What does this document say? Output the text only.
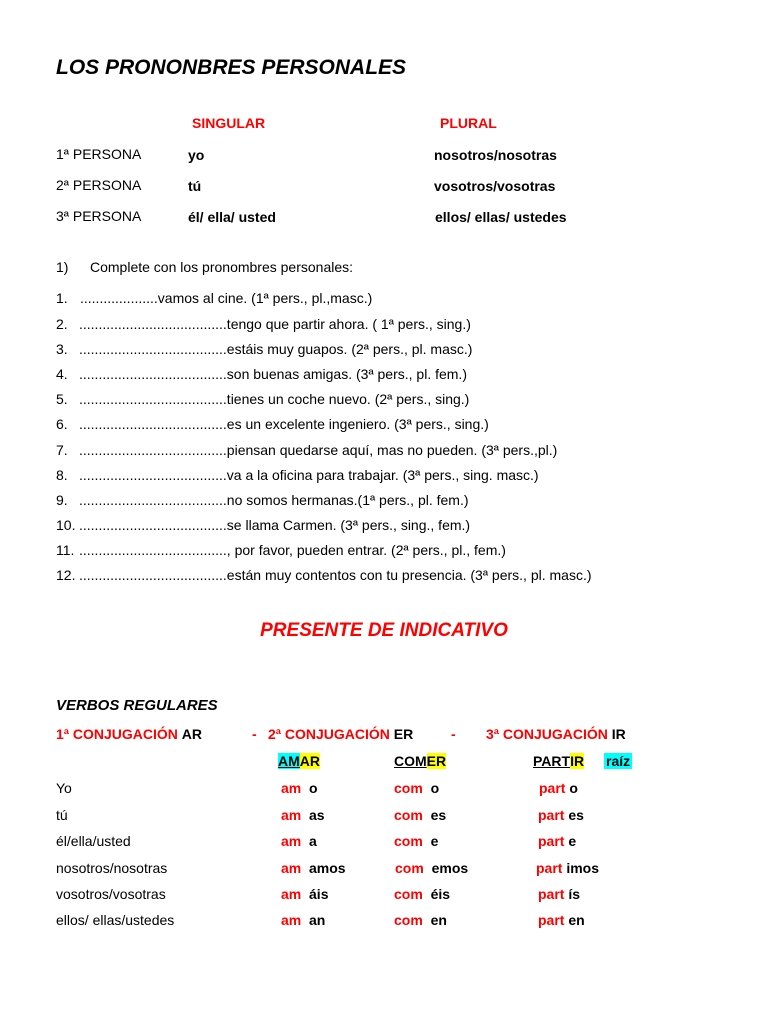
LOS PRONONBRES PERSONALES
SINGULAR	PLURAL
1ª PERSONA	yo	nosotros/nosotras
2ª PERSONA	tú	vosotros/vosotras
3ª PERSONA	él/ ella/ usted	ellos/ ellas/ ustedes
1) Complete con los pronombres personales:
1. ....................vamos al cine. (1ª pers., pl.,masc.)
2. ......................................tengo que partir ahora. ( 1ª pers., sing.)
3. ......................................estáis muy guapos. (2ª pers., pl. masc.)
4. ......................................son buenas amigas. (3ª pers., pl. fem.)
5. ......................................tienes un coche nuevo. (2ª pers., sing.)
6. ......................................es un excelente ingeniero. (3ª pers., sing.)
7. ......................................piensan quedarse aquí, mas no pueden. (3ª pers.,pl.)
8. ......................................va a la oficina para trabajar. (3ª pers., sing. masc.)
9. ......................................no somos hermanas.(1ª pers., pl. fem.)
10. ......................................se llama Carmen. (3ª pers., sing., fem.)
11. ......................................, por favor, pueden entrar. (2ª pers., pl., fem.)
12. ......................................están muy contentos con tu presencia. (3ª pers., pl. masc.)
PRESENTE DE INDICATIVO
VERBOS REGULARES
1ª CONJUGACIÓN AR	- 2ª CONJUGACIÓN ER	- 3ª CONJUGACIÓN IR
AMAR	COMER	PARTIR raíz
Yo	am o	com o	part o
tú	am as	com es	part es
él/ella/usted	am a	com e	part e
nosotros/nosotras	am amos	com emos	part imos
vosotros/vosotras	am áis	com éis	part ís
ellos/ ellas/ustedes	am an	com en	part en
